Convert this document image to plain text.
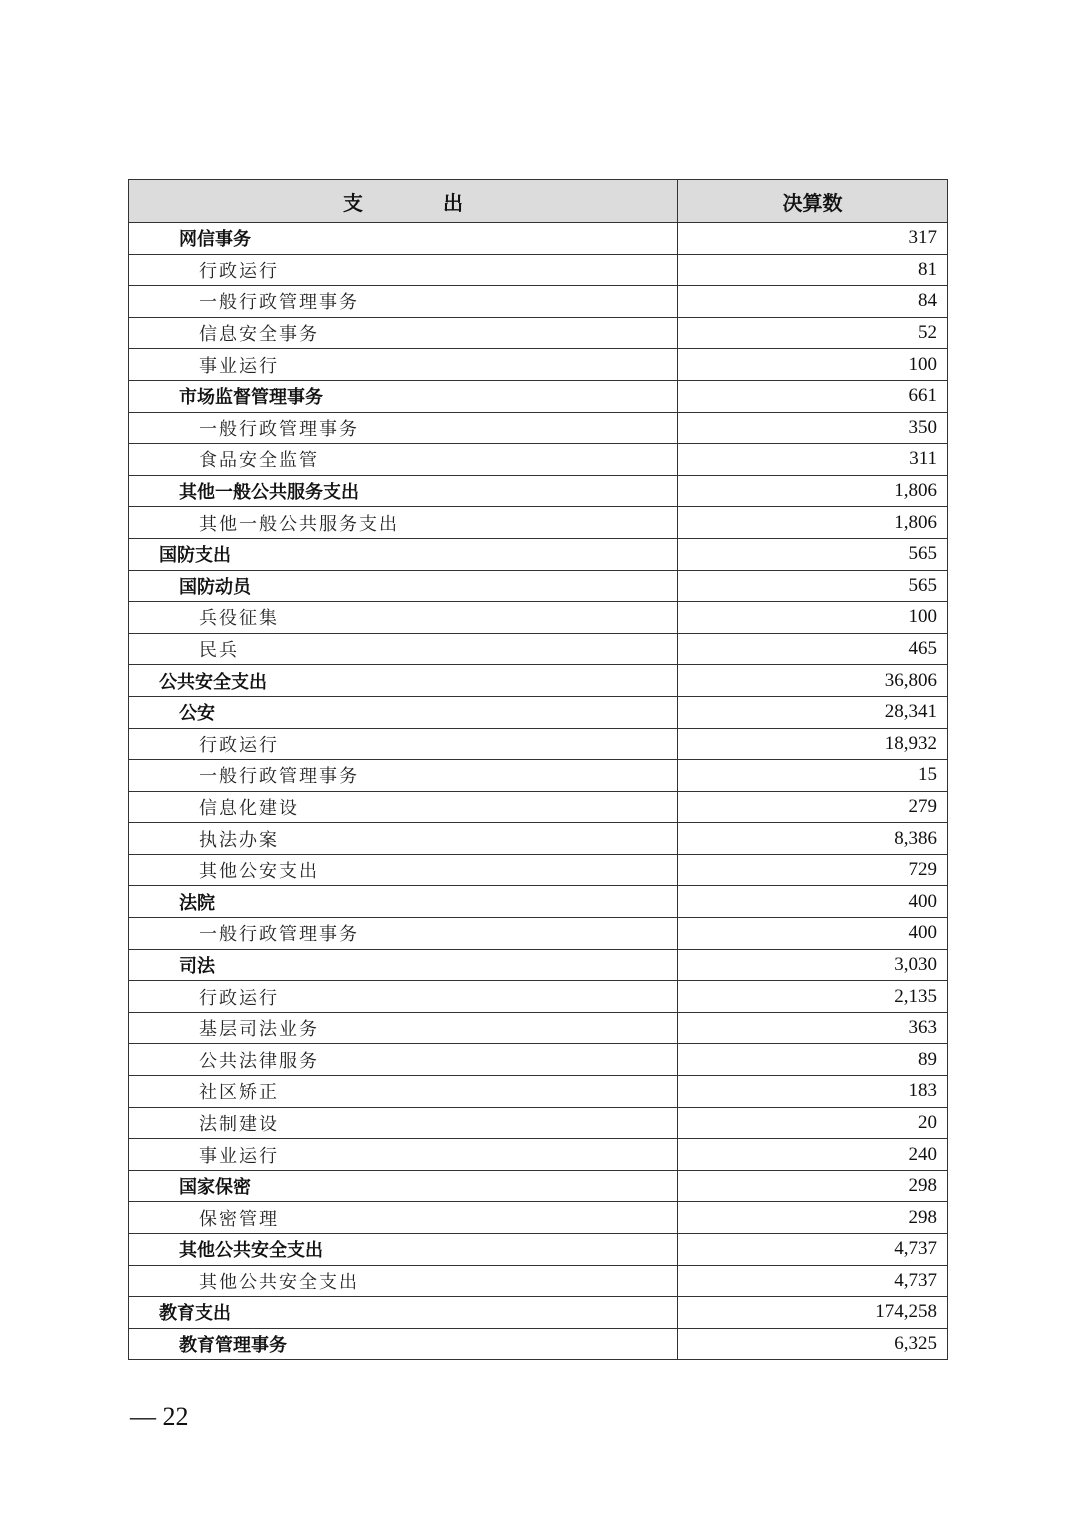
支　　　　出	决算数
网信事务	317
行政运行	81
一般行政管理事务	84
信息安全事务	52
事业运行	100
市场监督管理事务	661
一般行政管理事务	350
食品安全监管	311
其他一般公共服务支出	1,806
其他一般公共服务支出	1,806
国防支出	565
国防动员	565
兵役征集	100
民兵	465
公共安全支出	36,806
公安	28,341
行政运行	18,932
一般行政管理事务	15
信息化建设	279
执法办案	8,386
其他公安支出	729
法院	400
一般行政管理事务	400
司法	3,030
行政运行	2,135
基层司法业务	363
公共法律服务	89
社区矫正	183
法制建设	20
事业运行	240
国家保密	298
保密管理	298
其他公共安全支出	4,737
其他公共安全支出	4,737
教育支出	174,258
教育管理事务	6,325
— 22
